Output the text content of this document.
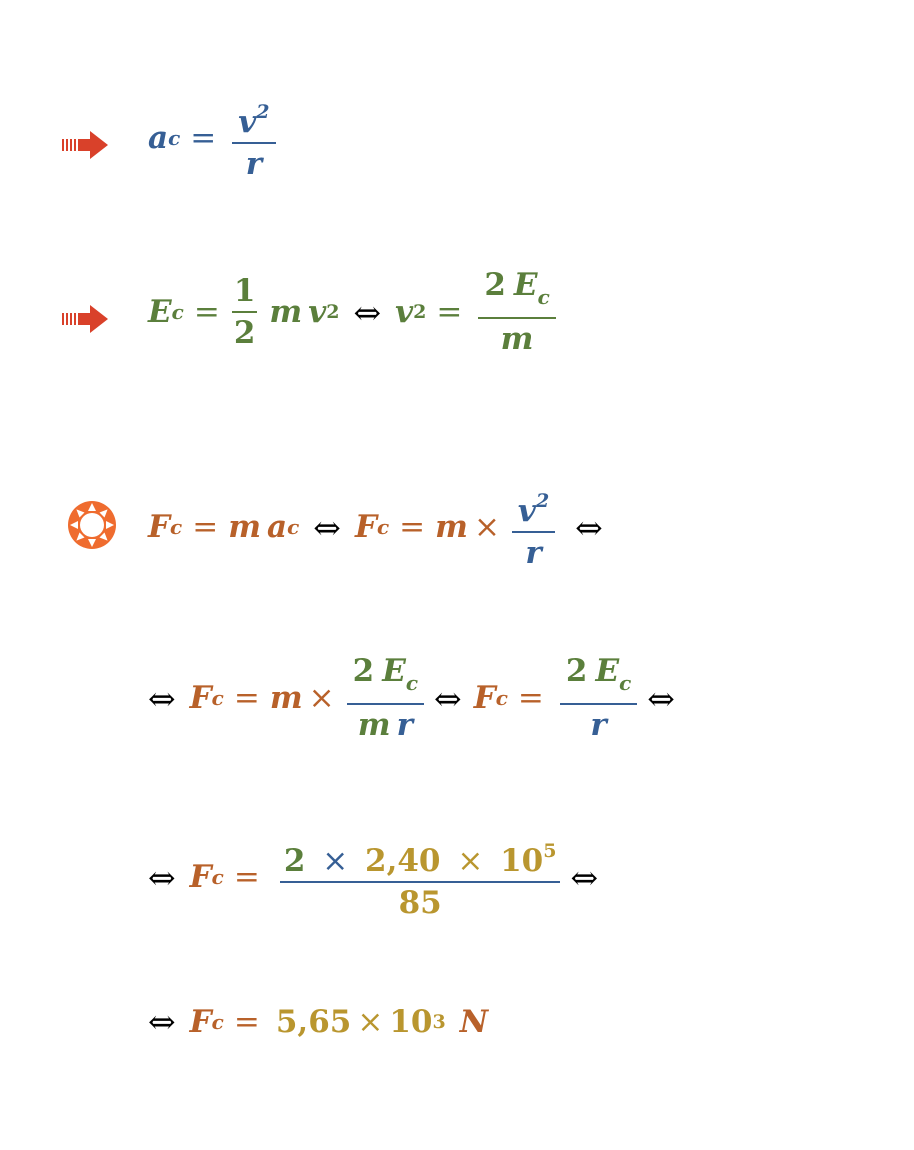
a $c = \frac{v^2}{r}$
E $c = \frac{1}{2}$ m v 2 ⇔ v $2 = \frac{2 E_c}{m}$
F c = m a c ⇔ F $c = m \times \frac{v^2}{r}$ ⇔
⇔ F $c = m \times \frac{2 E_c}{\text{m r}}$ ⇔ F $c = \frac{2 E_c}{r}$ ⇔
⇔ F $c = \frac{2 \times 2,40 \times 10^5}{85}$ ⇔
⇔ F c = 5,65 × 10 3 N
